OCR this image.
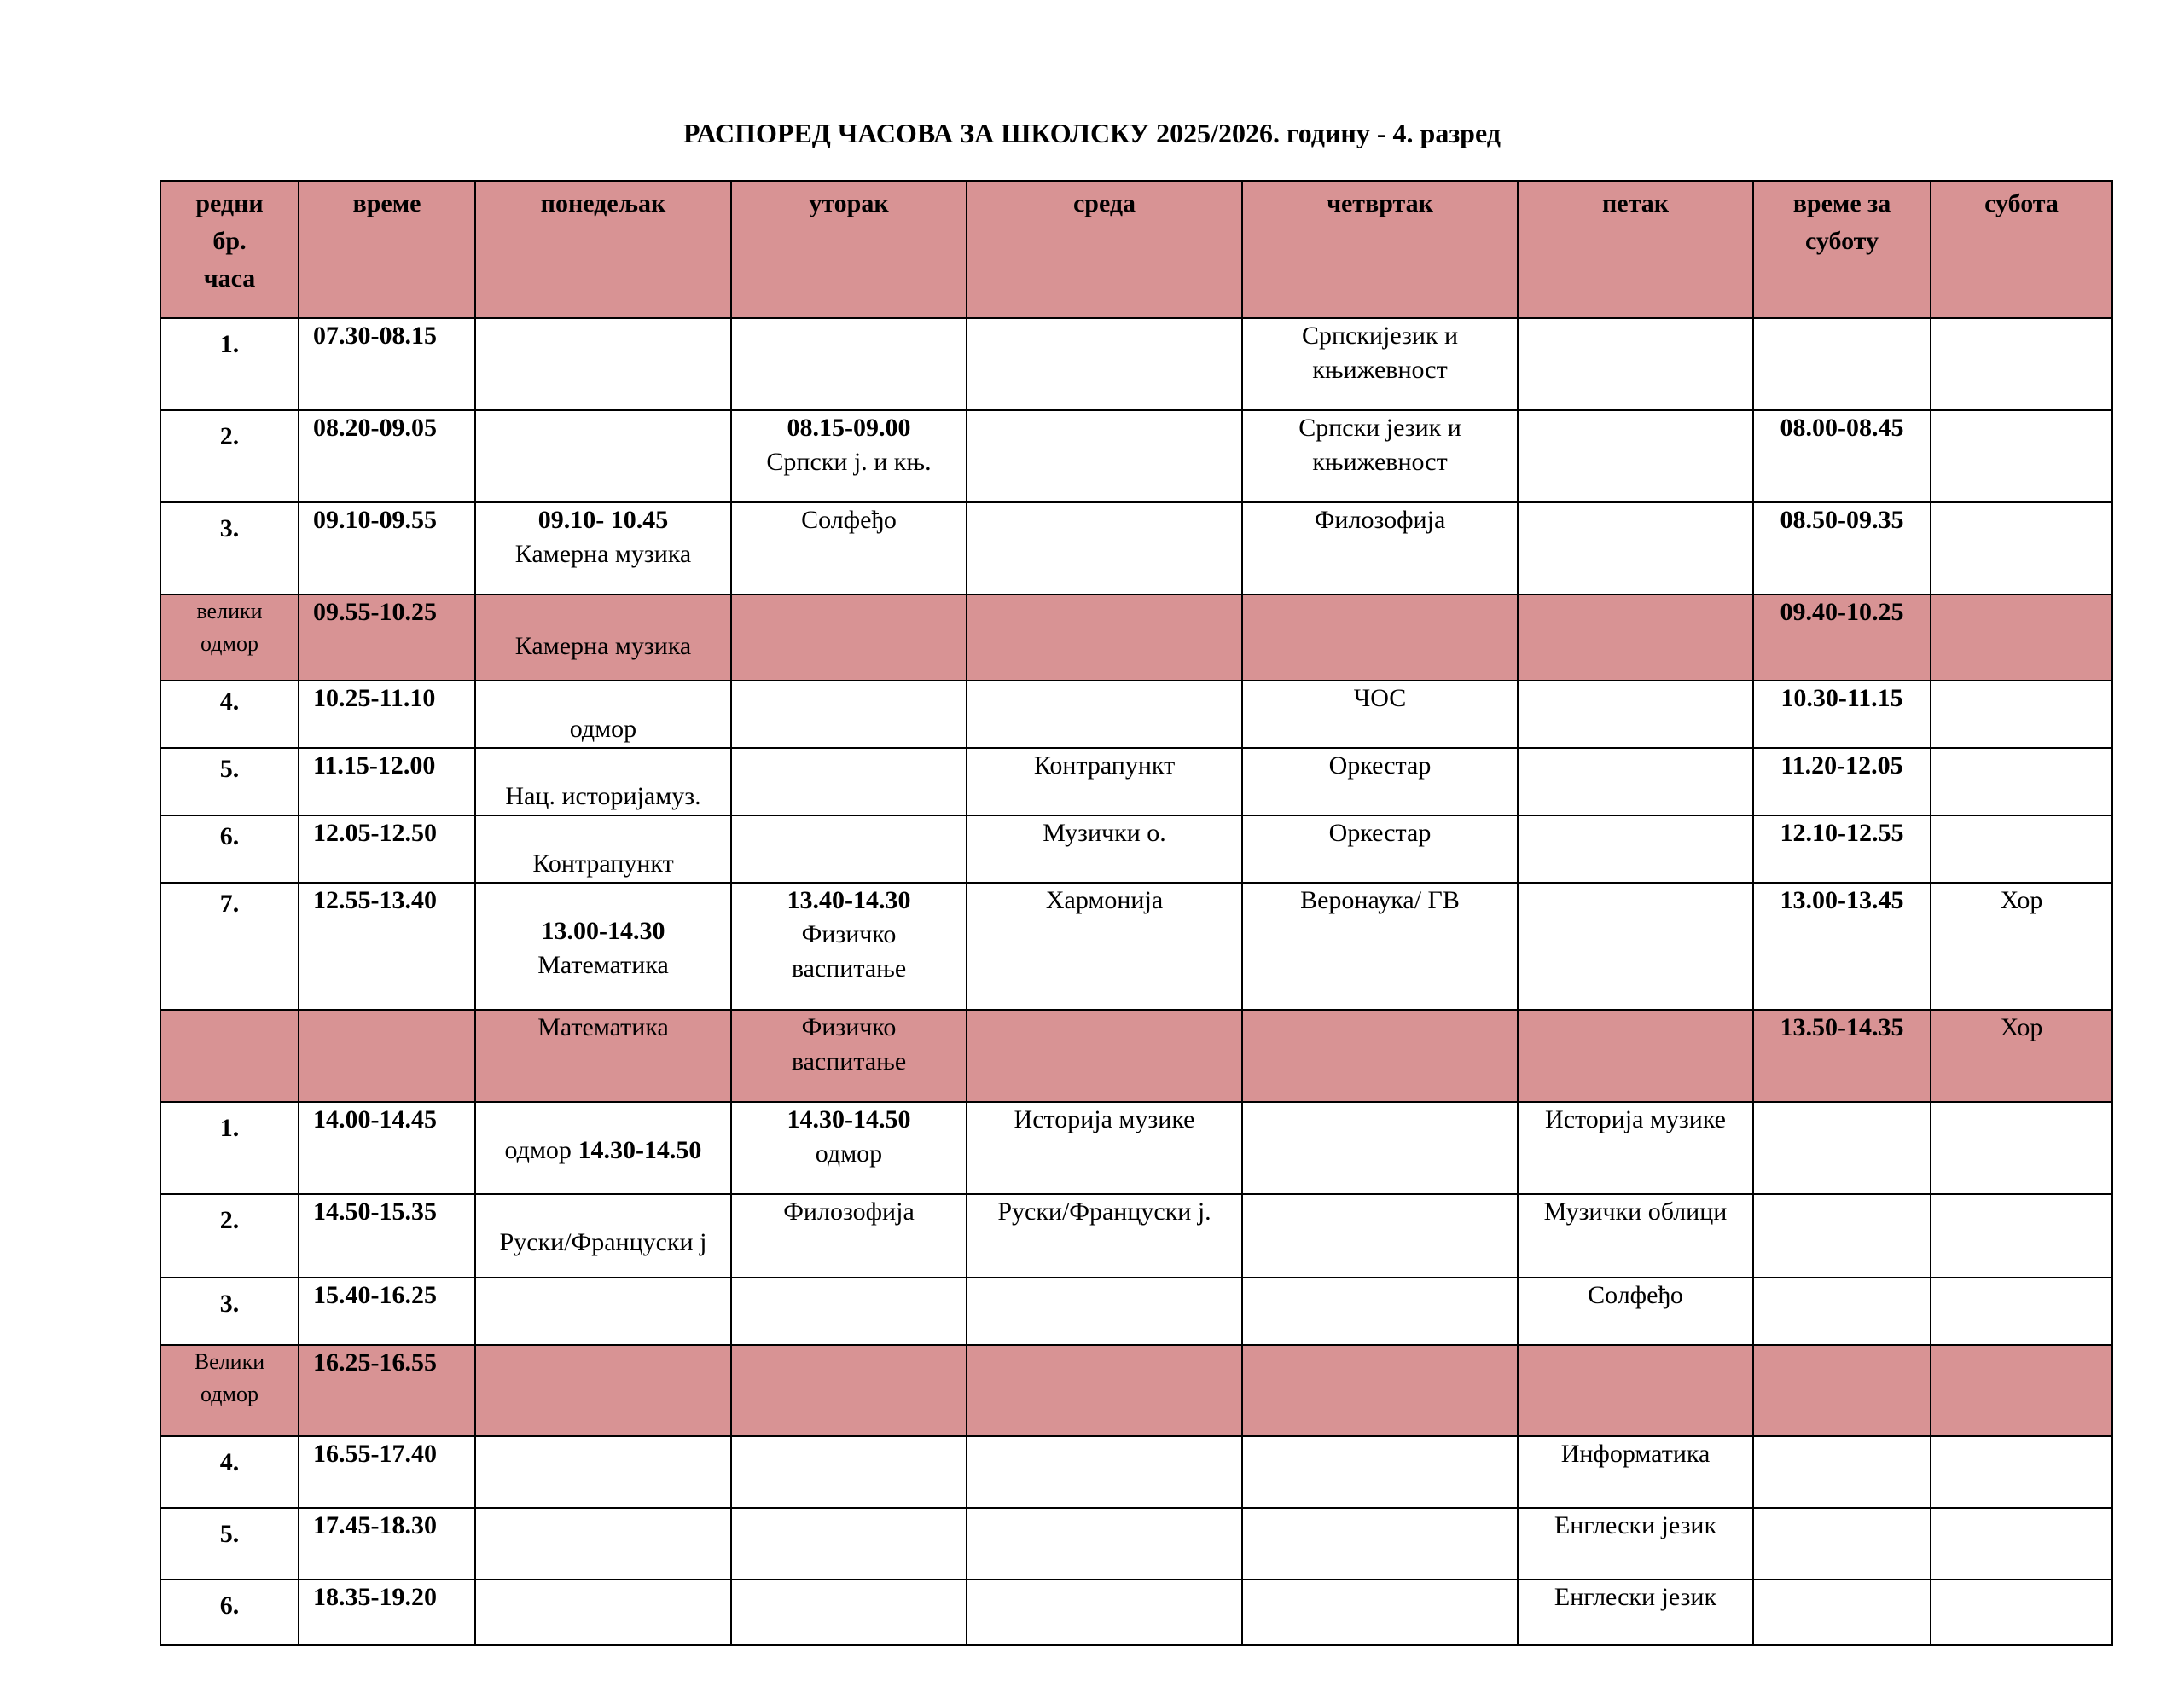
РАСПОРЕД ЧАСОВА ЗА ШКОЛСКУ 2025/2026. годину - 4. разред
редни
бр.
часа	време	понедељак	уторак	среда	четвртак	петак	време за
суботу	субота

1.	07.30-08.15				Српскијезик и
књижевност			

2.	08.20-09.05		08.15-09.00
Српски ј. и књ.		Српски језик и
књижевност		08.00-08.45	

3.	09.10-09.55	09.10- 10.45
Камерна музика	Солфеђо		Филозофија		08.50-09.35	

велики
одмор	09.55-10.25	Камерна музика					09.40-10.25	

4.	10.25-11.10	одмор			ЧОС		10.30-11.15	

5.	11.15-12.00	Нац. историјамуз.		Контрапункт	Оркестар		11.20-12.05	

6.	12.05-12.50	Контрапункт		Музички о.	Оркестар		12.10-12.55	

7.	12.55-13.40	13.00-14.30
Математика	13.40-14.30
Физичко
васпитање	Хармонија	Веронаука/ ГВ		13.00-13.45	Хор
		Математика	Физичко
васпитање				13.50-14.35	Хор

1.	14.00-14.45	одмор 14.30-14.50	14.30-14.50
одмор	Историја музике		Историја музике		

2.	14.50-15.35	Руски/Француски ј	Филозофија	Руски/Француски ј.		Музички облици		

3.	15.40-16.25					Солфеђо		

Велики
одмор	16.25-16.55							

4.	16.55-17.40					Информатика		

5.	17.45-18.30					Енглески језик		

6.	18.35-19.20					Енглески језик		
